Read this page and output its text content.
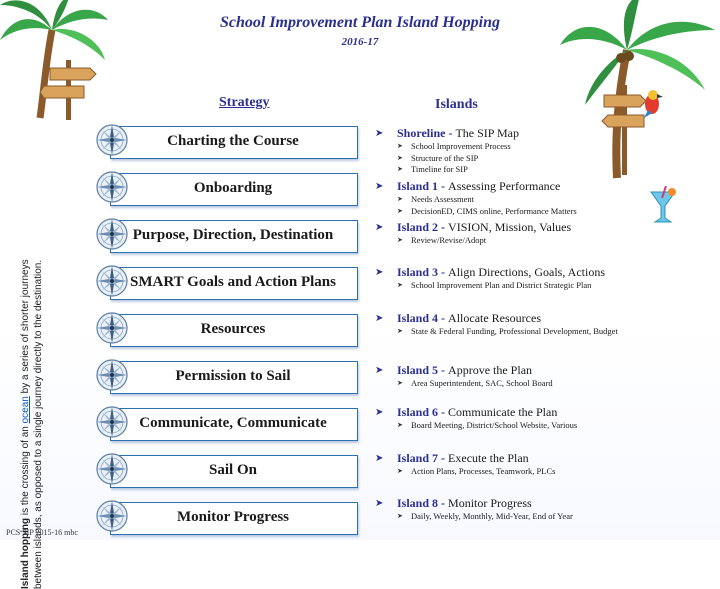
School Improvement Plan Island Hopping
2016-17
Strategy	Islands
Island hopping is the crossing of an ocean by a series of shorter journeys between islands, as opposed to a single journey directly to the destination.
Charting the Course
Onboarding
Purpose, Direction, Destination
SMART Goals and Action Plans
Resources
Permission to Sail
Communicate, Communicate
Sail On
Monitor Progress
➤ Shoreline - The SIP Map
➤ School Improvement Process
➤ Structure of the SIP
➤ Timeline for SIP
➤ Island 1 - Assessing Performance
➤ Needs Assessment
➤ DecisionED, CIMS online, Performance Matters
➤ Island 2 - VISION, Mission, Values
➤ Review/Revise/Adopt
➤ Island 3 - Align Directions, Goals, Actions
➤ School Improvement Plan and District Strategic Plan
➤ Island 4 - Allocate Resources
➤ State & Federal Funding, Professional Development, Budget
➤ Island 5 - Approve the Plan
➤ Area Superintendent, SAC, School Board
➤ Island 6 - Communicate the Plan
➤ Board Meeting, District/School Website, Various
➤ Island 7 - Execute the Plan
➤ Action Plans, Processes, Teamwork, PLCs
➤ Island 8 - Monitor Progress
➤ Daily, Weekly, Monthly, Mid-Year, End of Year
PCS SIP 2015-16 mbc
